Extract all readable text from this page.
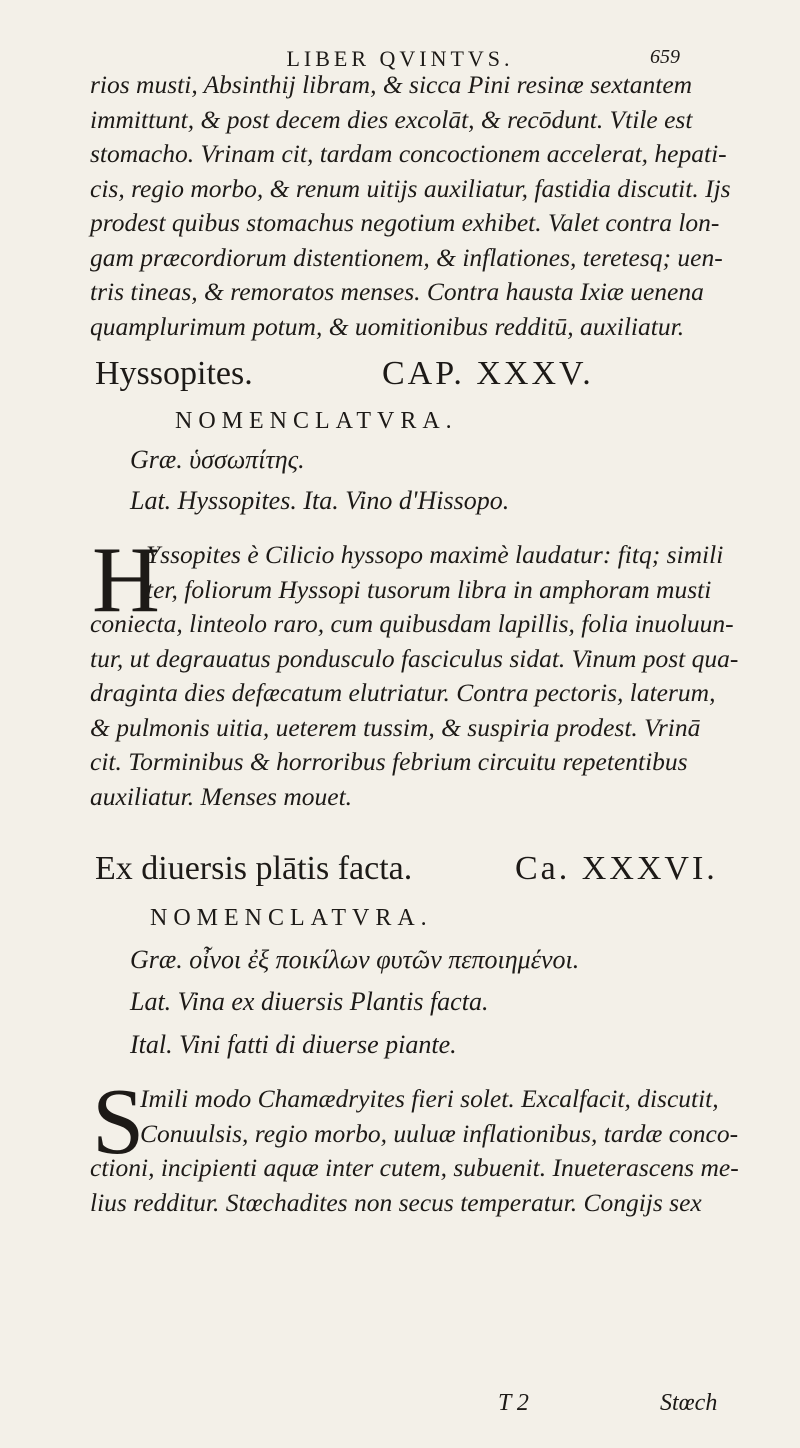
LIBER QVINTVS.	659
rios musti, Absinthij libram, & sicca Pini resinæ sextantem
immittunt, & post decem dies excolāt, & recōdunt. Vtile est
stomacho. Vrinam cit, tardam concoctionem accelerat, hepati-
cis, regio morbo, & renum uitijs auxiliatur, fastidia discutit. Ijs
prodest quibus stomachus negotium exhibet. Valet contra lon-
gam præcordiorum distentionem, & inflationes, teretesq; uen-
tris tineas, & remoratos menses. Contra hausta Ixiæ uenena
quamplurimum potum, & uomitionibus redditū, auxiliatur.
Hyssopites.	CAP. XXXV.
NOMENCLATVRA.
Græ. ὑσσωπίτης.
Lat. Hyssopites. Ita. Vino d'Hissopo.
H
Yssopites è Cilicio hyssopo maximè laudatur: fitq; simili
ter, foliorum Hyssopi tusorum libra in amphoram musti
coniecta, linteolo raro, cum quibusdam lapillis, folia inuoluun-
tur, ut degrauatus pondusculo fasciculus sidat. Vinum post qua-
draginta dies defæcatum elutriatur. Contra pectoris, laterum,
& pulmonis uitia, ueterem tussim, & suspiria prodest. Vrinā
cit. Torminibus & horroribus febrium circuitu repetentibus
auxiliatur. Menses mouet.
Ex diuersis plātis facta.	Ca. XXXVI.
NOMENCLATVRA.
Græ. οἶνοι ἐξ ποικίλων φυτῶν πεποιημένοι.
Lat. Vina ex diuersis Plantis facta.
Ital. Vini fatti di diuerse piante.
S
Imili modo Chamædryites fieri solet. Excalfacit, discutit,
Conuulsis, regio morbo, uuluæ inflationibus, tardæ conco-
ctioni, incipienti aquæ inter cutem, subuenit. Inueterascens me-
lius redditur. Stœchadites non secus temperatur. Congijs sex
T 2	Stœch
